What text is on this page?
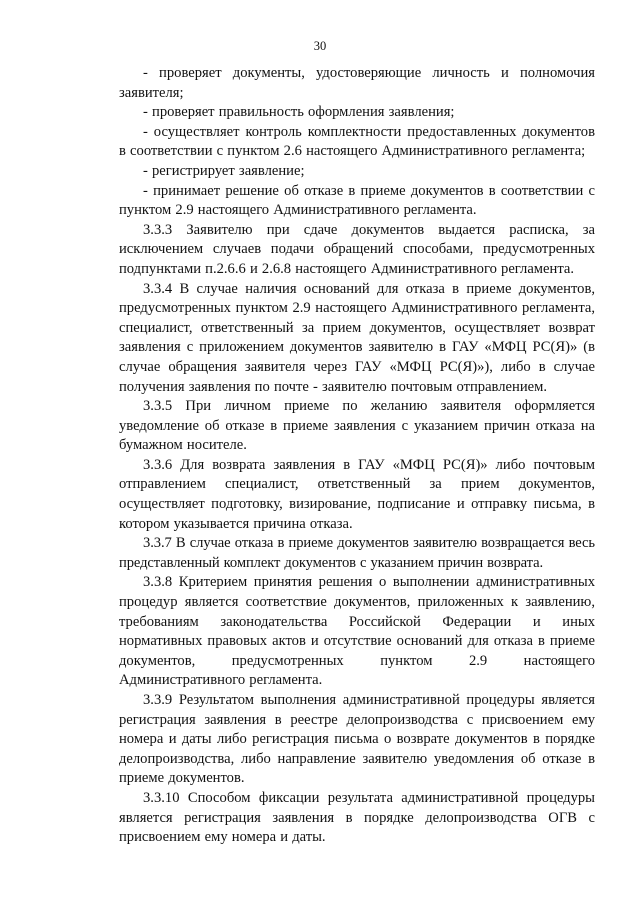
30

- проверяет документы, удостоверяющие личность и полномочия заявителя;

- проверяет правильность оформления заявления;

- осуществляет контроль комплектности предоставленных документов в соответствии с пунктом 2.6 настоящего Административного регламента;

- регистрирует заявление;

- принимает решение об отказе в приеме документов в соответствии с пунктом 2.9 настоящего Административного регламента.

3.3.3 Заявителю при сдаче документов выдается расписка, за исключением случаев подачи обращений способами, предусмотренных подпунктами п.2.6.6 и 2.6.8 настоящего Административного регламента.

3.3.4 В случае наличия оснований для отказа в приеме документов, предусмотренных пунктом 2.9 настоящего Административного регламента, специалист, ответственный за прием документов, осуществляет возврат заявления с приложением документов заявителю в ГАУ «МФЦ РС(Я)» (в случае обращения заявителя через ГАУ «МФЦ РС(Я)»), либо в случае получения заявления по почте - заявителю почтовым отправлением.

3.3.5 При личном приеме по желанию заявителя оформляется уведомление об отказе в приеме заявления с указанием причин отказа на бумажном носителе.

3.3.6 Для возврата заявления в ГАУ «МФЦ РС(Я)» либо почтовым отправлением специалист, ответственный за прием документов, осуществляет подготовку, визирование, подписание и отправку письма, в котором указывается причина отказа.

3.3.7 В случае отказа в приеме документов заявителю возвращается весь представленный комплект документов с указанием причин возврата.

3.3.8 Критерием принятия решения о выполнении административных процедур является соответствие документов, приложенных к заявлению, требованиям законодательства Российской Федерации и иных нормативных правовых актов и отсутствие оснований для отказа в приеме документов, предусмотренных пунктом 2.9 настоящего Административного регламента.

3.3.9 Результатом выполнения административной процедуры является регистрация заявления в реестре делопроизводства с присвоением ему номера и даты либо регистрация письма о возврате документов в порядке делопроизводства, либо направление заявителю уведомления об отказе в приеме документов.

3.3.10 Способом фиксации результата административной процедуры является регистрация заявления в порядке делопроизводства ОГВ с присвоением ему номера и даты.
